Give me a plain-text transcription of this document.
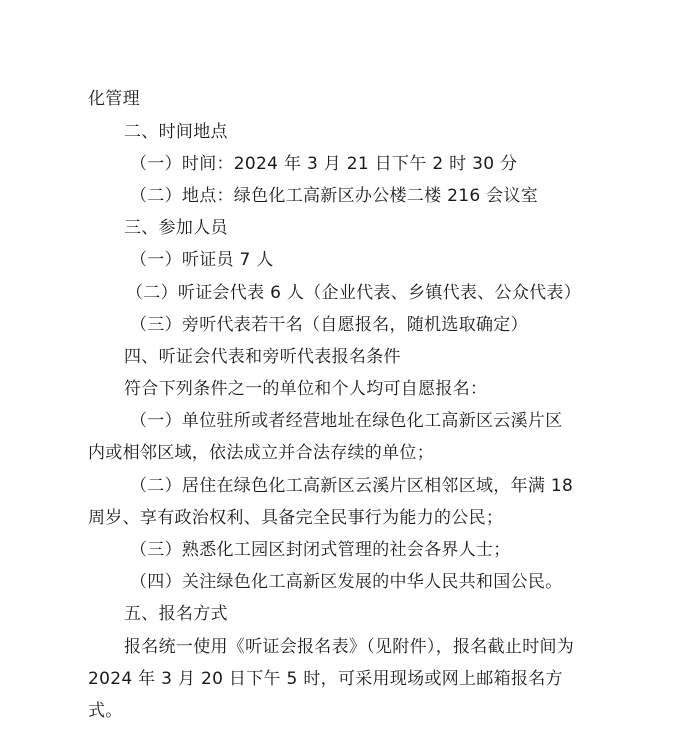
化管理
二、时间地点
（一）时间：2024 年 3 月 21 日下午 2 时 30 分
（二）地点：绿色化工高新区办公楼二楼 216 会议室
三、参加人员
（一）听证员 7 人
（二）听证会代表 6 人（企业代表、乡镇代表、公众代表）
（三）旁听代表若干名（自愿报名，随机选取确定）
四、听证会代表和旁听代表报名条件
符合下列条件之一的单位和个人均可自愿报名：
（一）单位驻所或者经营地址在绿色化工高新区云溪片区
内或相邻区域，依法成立并合法存续的单位；
（二）居住在绿色化工高新区云溪片区相邻区域，年满 18
周岁、享有政治权利、具备完全民事行为能力的公民；
（三）熟悉化工园区封闭式管理的社会各界人士；
（四）关注绿色化工高新区发展的中华人民共和国公民。
五、报名方式
报名统一使用《听证会报名表》（见附件），报名截止时间为
2024 年 3 月 20 日下午 5 时，可采用现场或网上邮箱报名方
式。
